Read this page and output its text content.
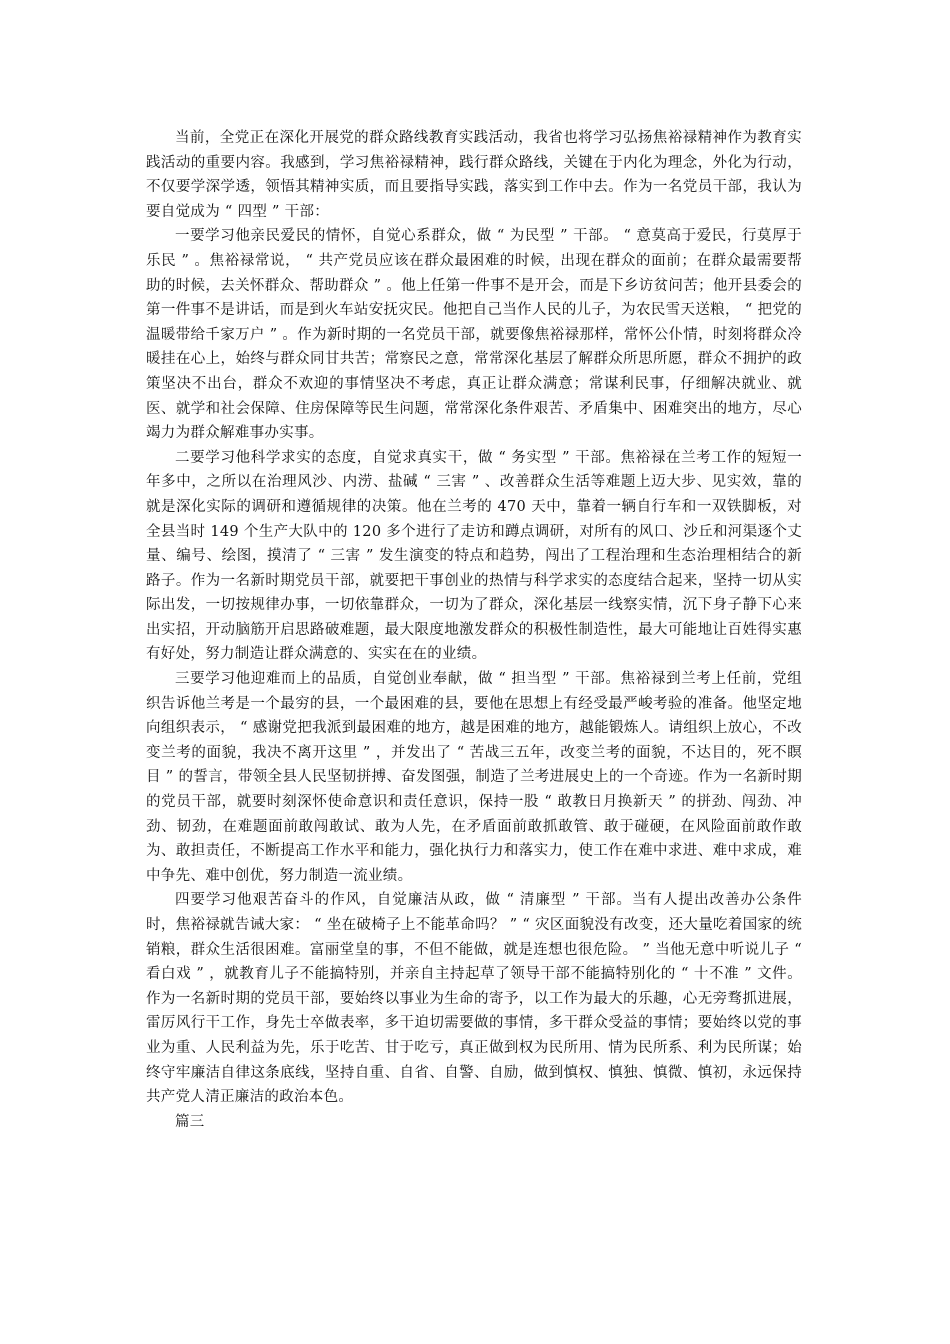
当前，全党正在深化开展党的群众路线教育实践活动，我省也将学习弘扬焦裕禄精神作为教育实践活动的重要内容。我感到，学习焦裕禄精神，践行群众路线，关键在于内化为理念，外化为行动，不仅要学深学透，领悟其精神实质，而且要指导实践，落实到工作中去。作为一名党员干部，我认为要自觉成为 “ 四型 ” 干部：

一要学习他亲民爱民的情怀，自觉心系群众，做 “ 为民型 ” 干部。 “ 意莫高于爱民，行莫厚于乐民 ” 。焦裕禄常说， “ 共产党员应该在群众最困难的时候，出现在群众的面前；在群众最需要帮助的时候，去关怀群众、帮助群众 ” 。他上任第一件事不是开会，而是下乡访贫问苦；他开县委会的第一件事不是讲话，而是到火车站安抚灾民。他把自己当作人民的儿子，为农民雪天送粮， “ 把党的温暖带给千家万户 ” 。作为新时期的一名党员干部，就要像焦裕禄那样，常怀公仆情，时刻将群众冷暖挂在心上，始终与群众同甘共苦；常察民之意，常常深化基层了解群众所思所愿，群众不拥护的政策坚决不出台，群众不欢迎的事情坚决不考虑，真正让群众满意；常谋利民事，仔细解决就业、就医、就学和社会保障、住房保障等民生问题，常常深化条件艰苦、矛盾集中、困难突出的地方，尽心竭力为群众解难事办实事。

二要学习他科学求实的态度，自觉求真实干，做 “ 务实型 ” 干部。焦裕禄在兰考工作的短短一年多中，之所以在治理风沙、内涝、盐碱 “ 三害 ” 、改善群众生活等难题上迈大步、见实效，靠的就是深化实际的调研和遵循规律的决策。他在兰考的 470 天中，靠着一辆自行车和一双铁脚板，对全县当时 149 个生产大队中的 120 多个进行了走访和蹲点调研，对所有的风口、沙丘和河渠逐个丈量、编号、绘图，摸清了 “ 三害 ” 发生演变的特点和趋势，闯出了工程治理和生态治理相结合的新路子。作为一名新时期党员干部，就要把干事创业的热情与科学求实的态度结合起来，坚持一切从实际出发，一切按规律办事，一切依靠群众，一切为了群众，深化基层一线察实情，沉下身子静下心来出实招，开动脑筋开启思路破难题，最大限度地激发群众的积极性制造性，最大可能地让百姓得实惠有好处，努力制造让群众满意的、实实在在的业绩。

三要学习他迎难而上的品质，自觉创业奉献，做 “ 担当型 ” 干部。焦裕禄到兰考上任前，党组织告诉他兰考是一个最穷的县，一个最困难的县，要他在思想上有经受最严峻考验的准备。他坚定地向组织表示， “ 感谢党把我派到最困难的地方，越是困难的地方，越能锻炼人。请组织上放心，不改变兰考的面貌，我决不离开这里 ” ，并发出了 “ 苦战三五年，改变兰考的面貌，不达目的，死不瞑目 ” 的誓言，带领全县人民坚韧拼搏、奋发图强，制造了兰考进展史上的一个奇迹。作为一名新时期的党员干部，就要时刻深怀使命意识和责任意识，保持一股 “ 敢教日月换新天 ” 的拼劲、闯劲、冲劲、韧劲，在难题面前敢闯敢试、敢为人先，在矛盾面前敢抓敢管、敢于碰硬，在风险面前敢作敢为、敢担责任，不断提高工作水平和能力，强化执行力和落实力，使工作在难中求进、难中求成，难中争先、难中创优，努力制造一流业绩。

四要学习他艰苦奋斗的作风，自觉廉洁从政，做 “ 清廉型 ” 干部。当有人提出改善办公条件时，焦裕禄就告诫大家： “ 坐在破椅子上不能革命吗？ ” “ 灾区面貌没有改变，还大量吃着国家的统销粮，群众生活很困难。富丽堂皇的事，不但不能做，就是连想也很危险。 ” 当他无意中听说儿子 “ 看白戏 ” ，就教育儿子不能搞特别，并亲自主持起草了领导干部不能搞特别化的 “ 十不准 ” 文件。作为一名新时期的党员干部，要始终以事业为生命的寄予，以工作为最大的乐趣，心无旁骛抓进展，雷厉风行干工作，身先士卒做表率，多干迫切需要做的事情，多干群众受益的事情；要始终以党的事业为重、人民利益为先，乐于吃苦、甘于吃亏，真正做到权为民所用、情为民所系、利为民所谋；始终守牢廉洁自律这条底线，坚持自重、自省、自警、自励，做到慎权、慎独、慎微、慎初，永远保持共产党人清正廉洁的政治本色。

篇三
